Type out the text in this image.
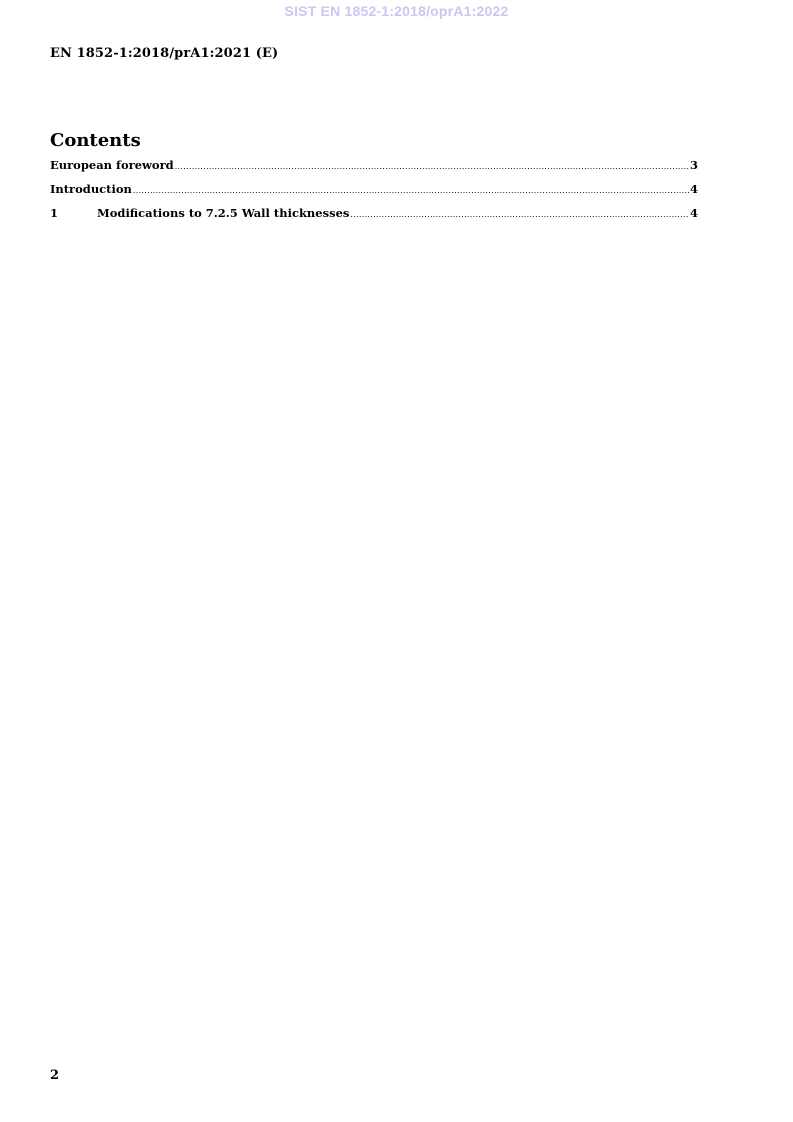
SIST EN 1852-1:2018/oprA1:2022
EN 1852-1:2018/prA1:2021 (E)
Contents
European foreword .....	3
Introduction .....	4
1	Modifications to 7.2.5 Wall thicknesses .....	4
2
